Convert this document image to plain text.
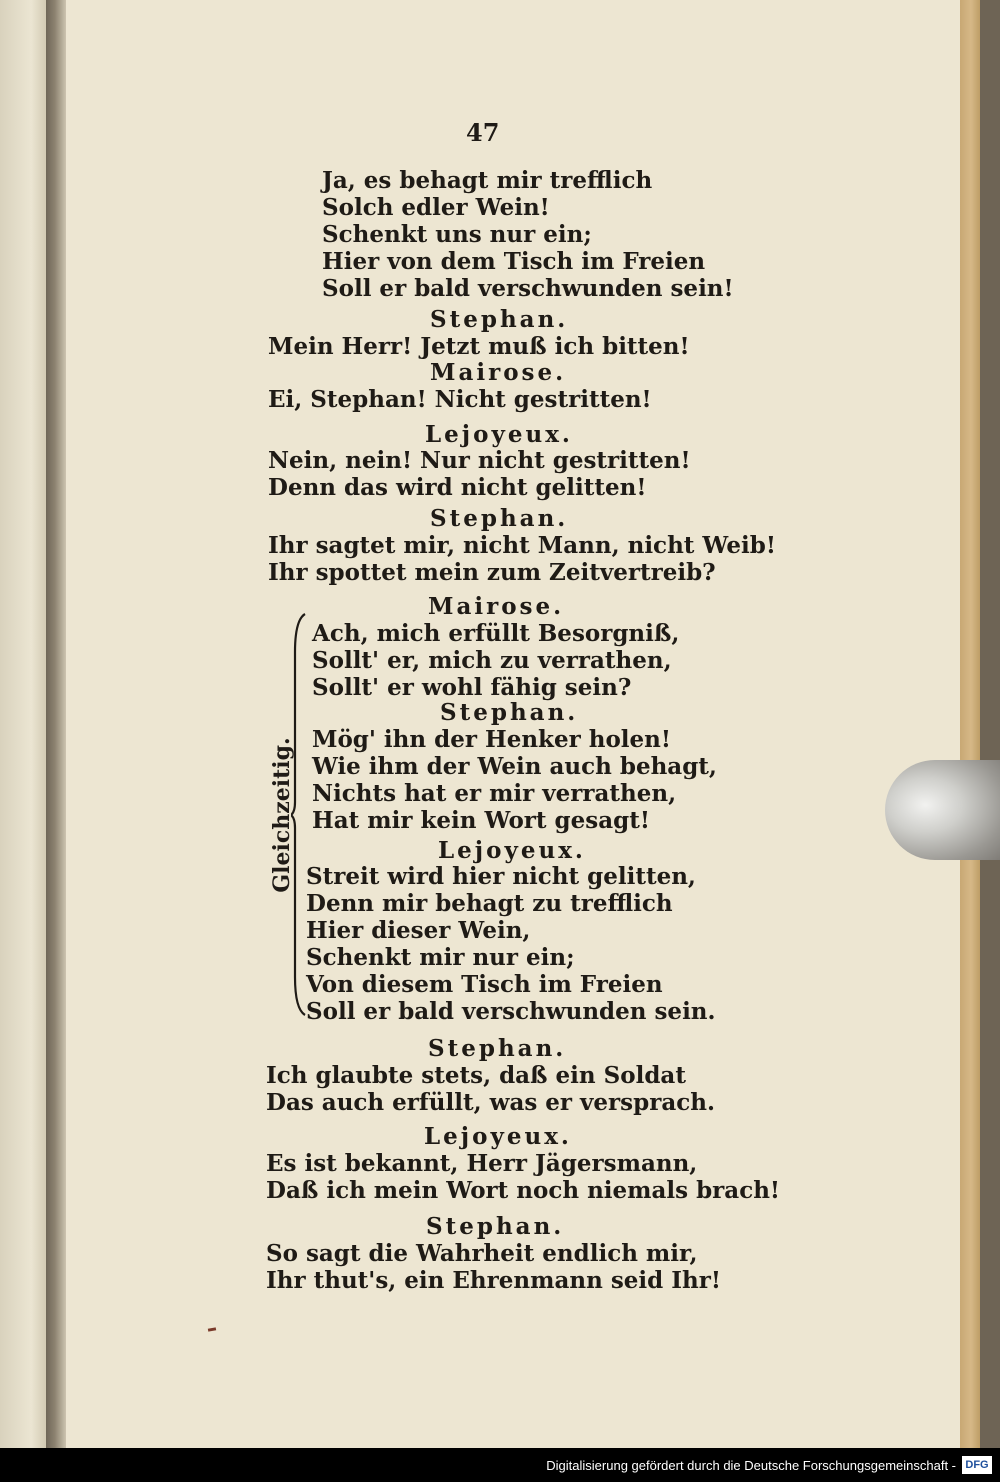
47
Ja, es behagt mir trefflich
Solch edler Wein!
Schenkt uns nur ein;
Hier von dem Tisch im Freien
Soll er bald verschwunden sein!
Stephan.
Mein Herr! Jetzt muß ich bitten!
Mairose.
Ei, Stephan! Nicht gestritten!
Lejoyeux.
Nein, nein! Nur nicht gestritten!
Denn das wird nicht gelitten!
Stephan.
Ihr sagtet mir, nicht Mann, nicht Weib!
Ihr spottet mein zum Zeitvertreib?
Mairose.
Ach, mich erfüllt Besorgniß,
Sollt' er, mich zu verrathen,
Sollt' er wohl fähig sein?
Stephan.
Mög' ihn der Henker holen!
Wie ihm der Wein auch behagt,
Nichts hat er mir verrathen,
Hat mir kein Wort gesagt!
Lejoyeux.
Streit wird hier nicht gelitten,
Denn mir behagt zu trefflich
Hier dieser Wein,
Schenkt mir nur ein;
Von diesem Tisch im Freien
Soll er bald verschwunden sein.
Stephan.
Ich glaubte stets, daß ein Soldat
Das auch erfüllt, was er versprach.
Lejoyeux.
Es ist bekannt, Herr Jägersmann,
Daß ich mein Wort noch niemals brach!
Stephan.
So sagt die Wahrheit endlich mir,
Ihr thut's, ein Ehrenmann seid Ihr!
Gleichzeitig.
Digitalisierung gefördert durch die Deutsche Forschungsgemeinschaft - DFG
